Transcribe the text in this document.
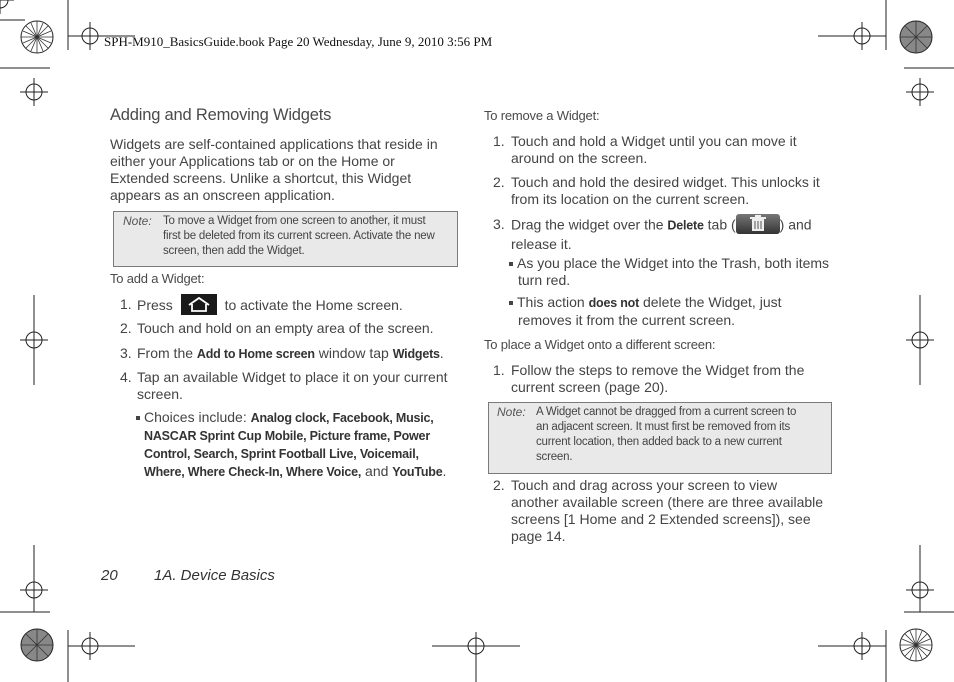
SPH-M910_BasicsGuide.book Page 20 Wednesday, June 9, 2010 3:56 PM
Adding and Removing Widgets
Widgets are self-contained applications that reside in
either your Applications tab or on the Home or
Extended screens. Unlike a shortcut, this Widget
appears as an onscreen application.
Note: To move a Widget from one screen to another, it must
first be deleted from its current screen. Activate the new
screen, then add the Widget.
To add a Widget:
1. Press	to activate the Home screen.
2. Touch and hold on an empty area of the screen.
3. From the Add to Home screen window tap Widgets.
4. Tap an available Widget to place it on your current
screen.
Choices include: Analog clock, Facebook, Music,
NASCAR Sprint Cup Mobile, Picture frame, Power
Control, Search, Sprint Football Live, Voicemail,
Where, Where Check-In, Where Voice, and YouTube.
To remove a Widget:
1. Touch and hold a Widget until you can move it
around on the screen.
2. Touch and hold the desired widget. This unlocks it
from its location on the current screen.
3. Drag the widget over the Delete tab (	) and
release it.
As you place the Widget into the Trash, both items
turn red.
This action does not delete the Widget, just
removes it from the current screen.
To place a Widget onto a different screen:
1. Follow the steps to remove the Widget from the
current screen (page 20).
Note: A Widget cannot be dragged from a current screen to
an adjacent screen. It must first be removed from its
current location, then added back to a new current
screen.
2. Touch and drag across your screen to view
another available screen (there are three available
screens [1 Home and 2 Extended screens]), see
page 14.
20 1A. Device Basics
